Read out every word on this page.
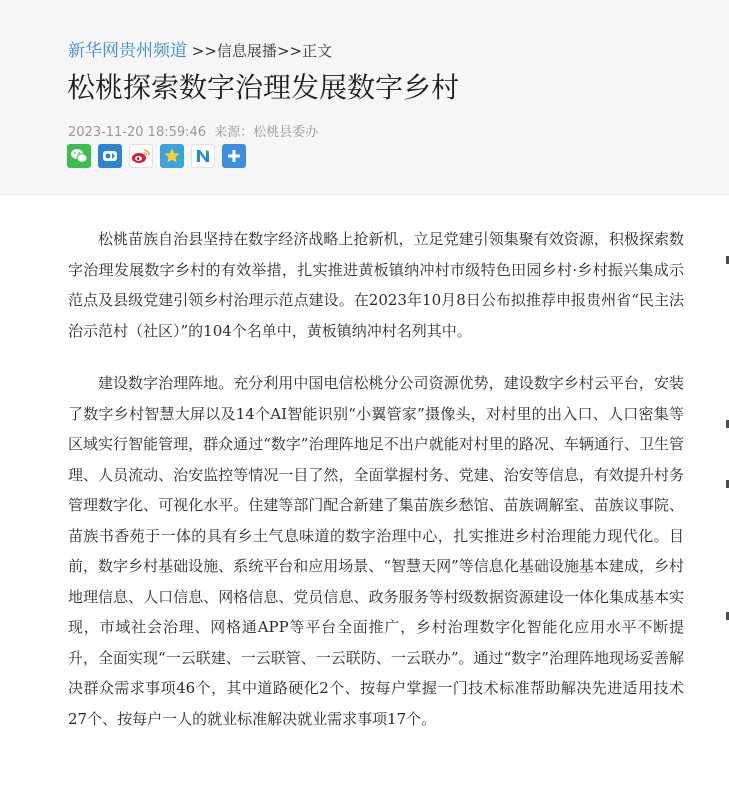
新华网贵州频道 >>信息展播>>正文
松桃探索数字治理发展数字乡村
2023-11-20 18:59:46 来源：松桃县委办

松桃苗族自治县坚持在数字经济战略上抢新机，立足党建引领集聚有效资源，积极探索数字治理发展数字乡村的有效举措，扎实推进黄板镇纳冲村市级特色田园乡村·乡村振兴集成示范点及县级党建引领乡村治理示范点建设。在2023年10月8日公布拟推荐申报贵州省“民主法治示范村（社区）”的104个名单中，黄板镇纳冲村名列其中。

建设数字治理阵地。充分利用中国电信松桃分公司资源优势，建设数字乡村云平台，安装了数字乡村智慧大屏以及14个AI智能识别“小翼管家”摄像头，对村里的出入口、人口密集等区域实行智能管理，群众通过“数字”治理阵地足不出户就能对村里的路况、车辆通行、卫生管理、人员流动、治安监控等情况一目了然，全面掌握村务、党建、治安等信息，有效提升村务管理数字化、可视化水平。住建等部门配合新建了集苗族乡愁馆、苗族调解室、苗族议事院、苗族书香苑于一体的具有乡土气息味道的数字治理中心，扎实推进乡村治理能力现代化。目前，数字乡村基础设施、系统平台和应用场景、“智慧天网”等信息化基础设施基本建成，乡村地理信息、人口信息、网格信息、党员信息、政务服务等村级数据资源建设一体化集成基本实现，市域社会治理、网格通APP等平台全面推广，乡村治理数字化智能化应用水平不断提升，全面实现“一云联建、一云联管、一云联防、一云联办”。通过“数字”治理阵地现场妥善解决群众需求事项46个，其中道路硬化2个、按每户掌握一门技术标准帮助解决先进适用技术27个、按每户一人的就业标准解决就业需求事项17个。
